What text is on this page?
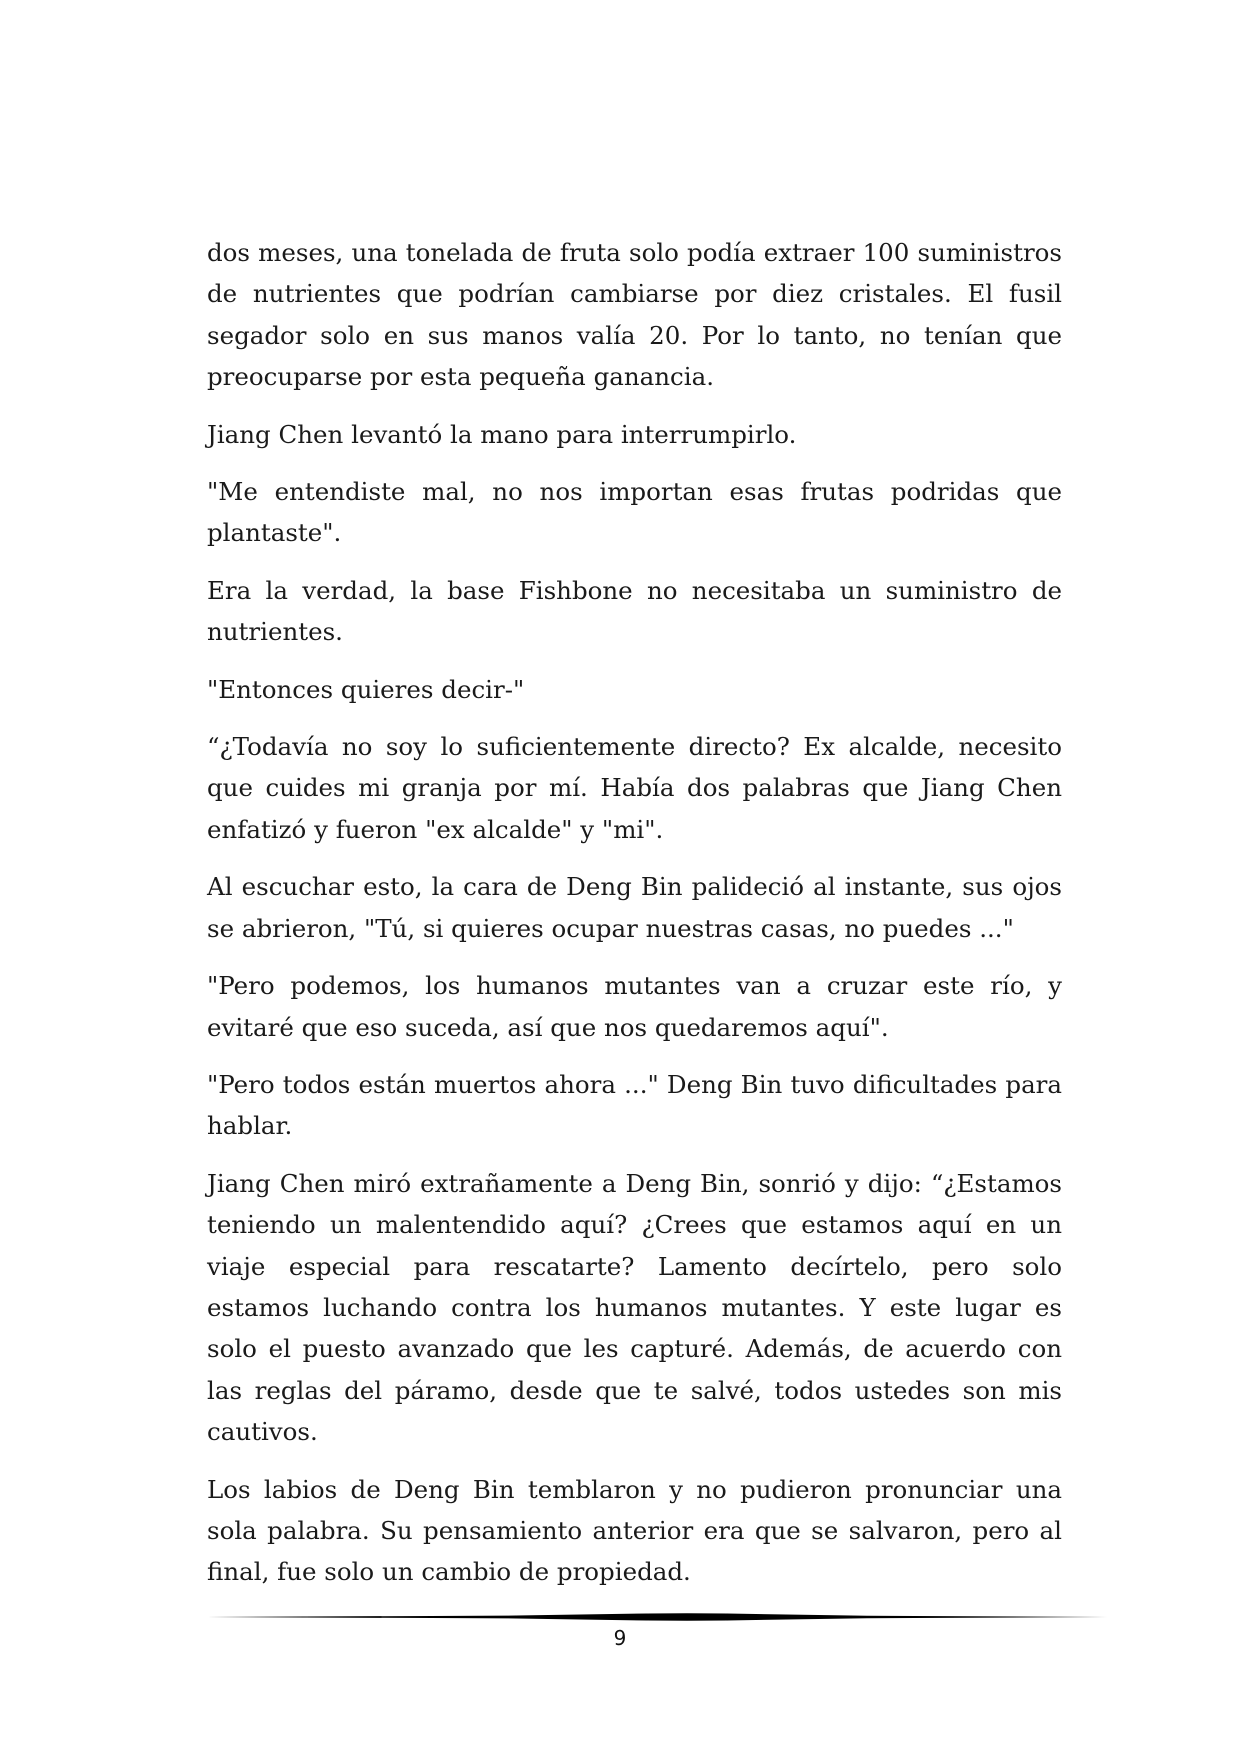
dos meses, una tonelada de fruta solo podía extraer 100 suministros de nutrientes que podrían cambiarse por diez cristales. El fusil segador solo en sus manos valía 20. Por lo tanto, no tenían que preocuparse por esta pequeña ganancia.

Jiang Chen levantó la mano para interrumpirlo.

"Me entendiste mal, no nos importan esas frutas podridas que plantaste".

Era la verdad, la base Fishbone no necesitaba un suministro de nutrientes.

"Entonces quieres decir-"

“¿Todavía no soy lo suficientemente directo? Ex alcalde, necesito que cuides mi granja por mí. Había dos palabras que Jiang Chen enfatizó y fueron "ex alcalde" y "mi".

Al escuchar esto, la cara de Deng Bin palideció al instante, sus ojos se abrieron, "Tú, si quieres ocupar nuestras casas, no puedes ..."

"Pero podemos, los humanos mutantes van a cruzar este río, y evitaré que eso suceda, así que nos quedaremos aquí".

"Pero todos están muertos ahora ..." Deng Bin tuvo dificultades para hablar.

Jiang Chen miró extrañamente a Deng Bin, sonrió y dijo: “¿Estamos teniendo un malentendido aquí? ¿Crees que estamos aquí en un viaje especial para rescatarte? Lamento decírtelo, pero solo estamos luchando contra los humanos mutantes. Y este lugar es solo el puesto avanzado que les capturé. Además, de acuerdo con las reglas del páramo, desde que te salvé, todos ustedes son mis cautivos.

Los labios de Deng Bin temblaron y no pudieron pronunciar una sola palabra. Su pensamiento anterior era que se salvaron, pero al final, fue solo un cambio de propiedad.

9
